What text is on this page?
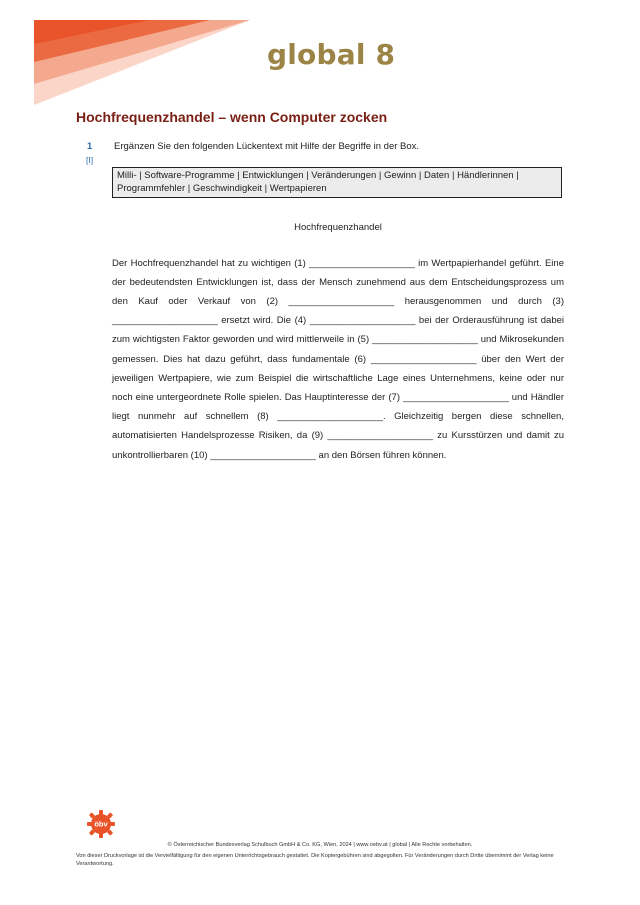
global 8
Hochfrequenzhandel – wenn Computer zocken
1
[I]
Ergänzen Sie den folgenden Lückentext mit Hilfe der Begriffe in der Box.
Milli- | Software-Programme | Entwicklungen | Veränderungen | Gewinn | Daten | Händlerinnen | Programmfehler | Geschwindigkeit | Wertpapieren
Hochfrequenzhandel

Der Hochfrequenzhandel hat zu wichtigen (1) ____________________ im Wertpapierhandel geführt. Eine der bedeutendsten Entwicklungen ist, dass der Mensch zunehmend aus dem Entscheidungsprozess um den Kauf oder Verkauf von (2) ____________________ herausgenommen und durch (3) ____________________ ersetzt wird. Die (4) ____________________ bei der Orderausführung ist dabei zum wichtigsten Faktor geworden und wird mittlerweile in (5) ____________________ und Mikrosekunden gemessen. Dies hat dazu geführt, dass fundamentale (6) ____________________ über den Wert der jeweiligen Wertpapiere, wie zum Beispiel die wirtschaftliche Lage eines Unternehmens, keine oder nur noch eine untergeordnete Rolle spielen. Das Hauptinteresse der (7) ____________________ und Händler liegt nunmehr auf schnellem (8) ____________________. Gleichzeitig bergen diese schnellen, automatisierten Handelsprozesse Risiken, da (9) ____________________ zu Kursstürzen und damit zu unkontrollierbaren (10) ____________________ an den Börsen führen können.

öbv
© Österreichischer Bundesverlag Schulbuch GmbH & Co. KG, Wien, 2024 | www.oebv.at | global | Alle Rechte vorbehalten.
Von dieser Druckvorlage ist die Vervielfältigung für den eigenen Unterrichtsgebrauch gestattet. Die Kopiergebühren sind abgegolten. Für Veränderungen durch Dritte übernimmt der Verlag keine Verantwortung.
